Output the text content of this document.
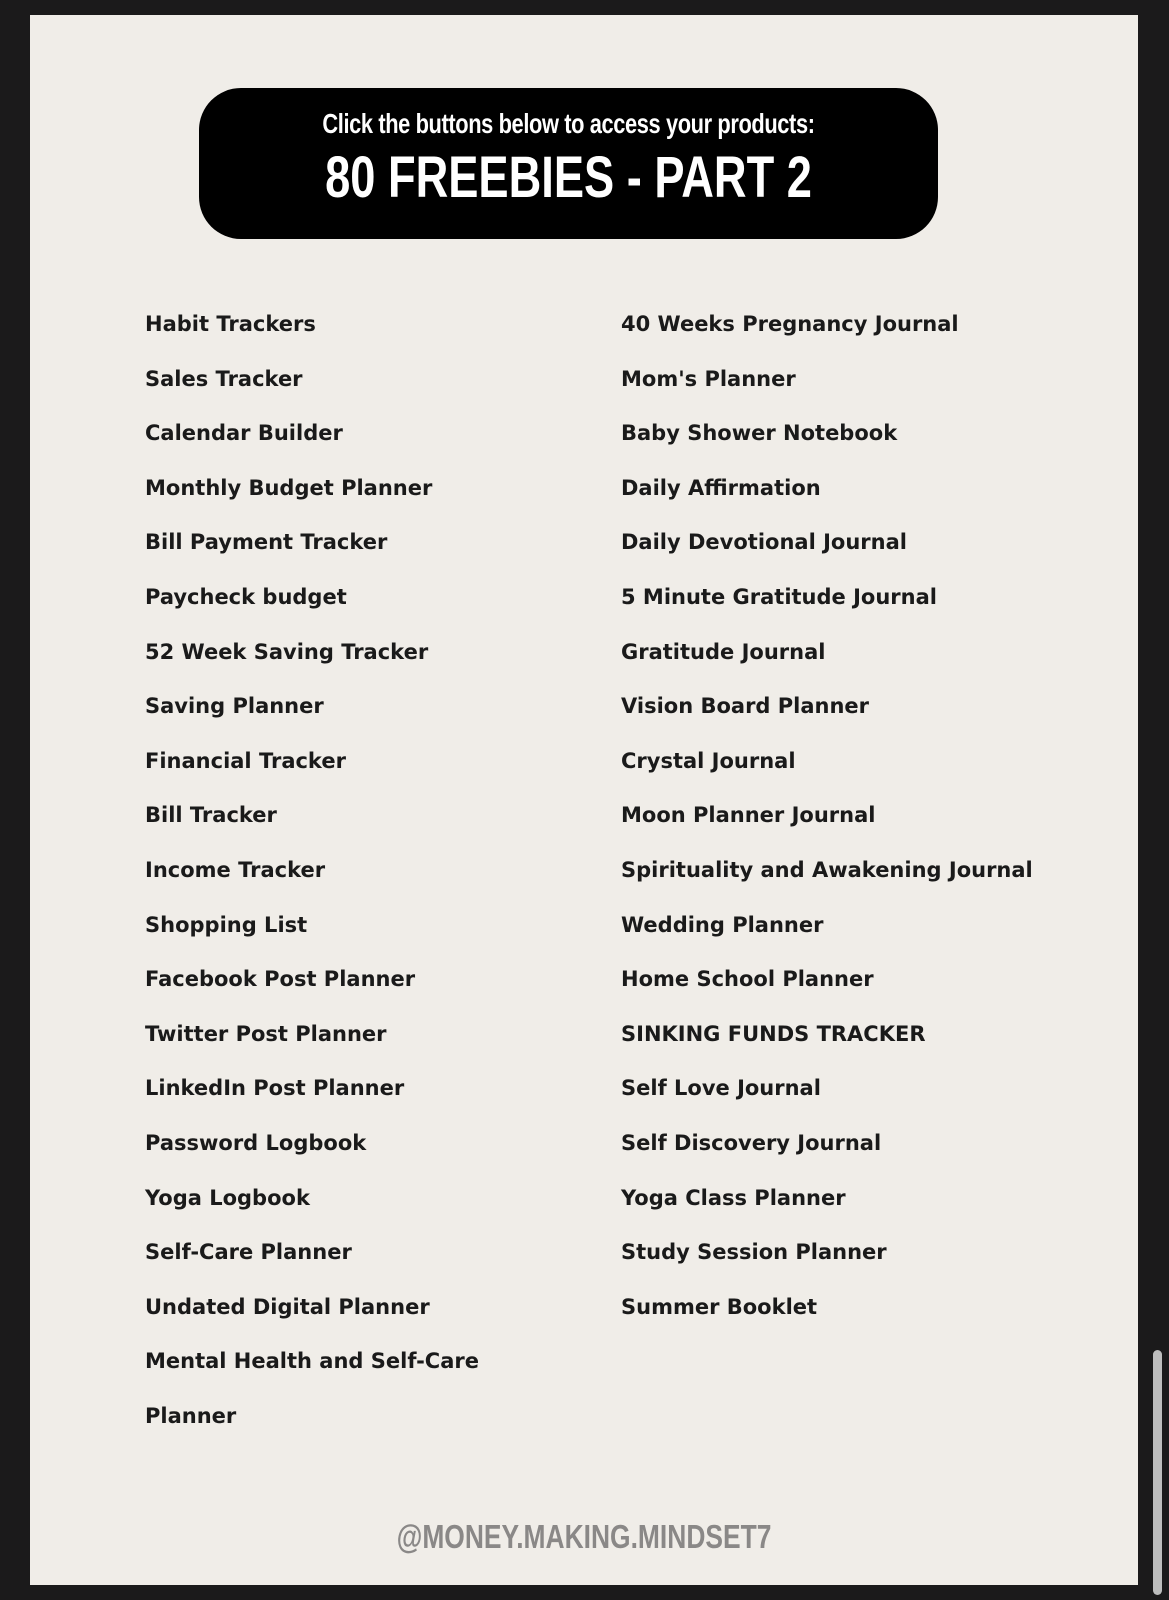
Click the buttons below to access your products:
80 FREEBIES - PART 2
Habit Trackers
Sales Tracker
Calendar Builder
Monthly Budget Planner
Bill Payment Tracker
Paycheck budget
52 Week Saving Tracker
Saving Planner
Financial Tracker
Bill Tracker
Income Tracker
Shopping List
Facebook Post Planner
Twitter Post Planner
LinkedIn Post Planner
Password Logbook
Yoga Logbook
Self-Care Planner
Undated Digital Planner
Mental Health and Self-Care
Planner
40 Weeks Pregnancy Journal
Mom's Planner
Baby Shower Notebook
Daily Affirmation
Daily Devotional Journal
5 Minute Gratitude Journal
Gratitude Journal
Vision Board Planner
Crystal Journal
Moon Planner Journal
Spirituality and Awakening Journal
Wedding Planner
Home School Planner
SINKING FUNDS TRACKER
Self Love Journal
Self Discovery Journal
Yoga Class Planner
Study Session Planner
Summer Booklet
@MONEY.MAKING.MINDSET7
